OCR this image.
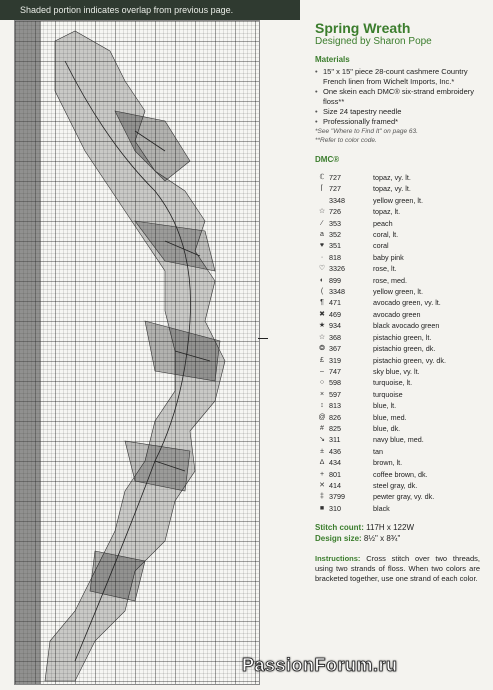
Shaded portion indicates overlap from previous page.
Spring Wreath

Designed by Sharon Pope

Materials
• 15" x 15" piece 28-count cashmere Country French linen from Wichelt Imports, Inc.*
• One skein each DMC® six-strand embroidery floss**
• Size 24 tapestry needle
• Professionally framed*
*See "Where to Find It" on page 63.
**Refer to color code.
DMC®
ℂ 727	topaz, vy. lt.
⌈ 727	topaz, vy. lt.
3348	yellow green, lt.
☆ 726	topaz, lt.
∕ 353	peach
a 352	coral, lt.
♥ 351	coral
· 818	baby pink
♡ 3326	rose, lt.
◐ 899	rose, med.
( 3348	yellow green, lt.
¶ 471	avocado green, vy. lt.
✖ 469	avocado green
★ 934	black avocado green
☆ 368	pistachio green, lt.
❂ 367	pistachio green, dk.
£ 319	pistachio green, vy. dk.
– 747	sky blue, vy. lt.
○ 598	turquoise, lt.
× 597	turquoise
↕ 813	blue, lt.
@ 826	blue, med.
# 825	blue, dk.
↘ 311	navy blue, med.
± 436	tan
∆ 434	brown, lt.
+ 801	coffee brown, dk.
✕ 414	steel gray, dk.
‡ 3799	pewter gray, vy. dk.
■ 310	black
Stitch count: 117H x 122W
Design size: 8½" x 8¾"
Instructions: Cross stitch over two threads, using two strands of floss. When two colors are bracketed together, use one strand of each color.
PassionForum.ru
